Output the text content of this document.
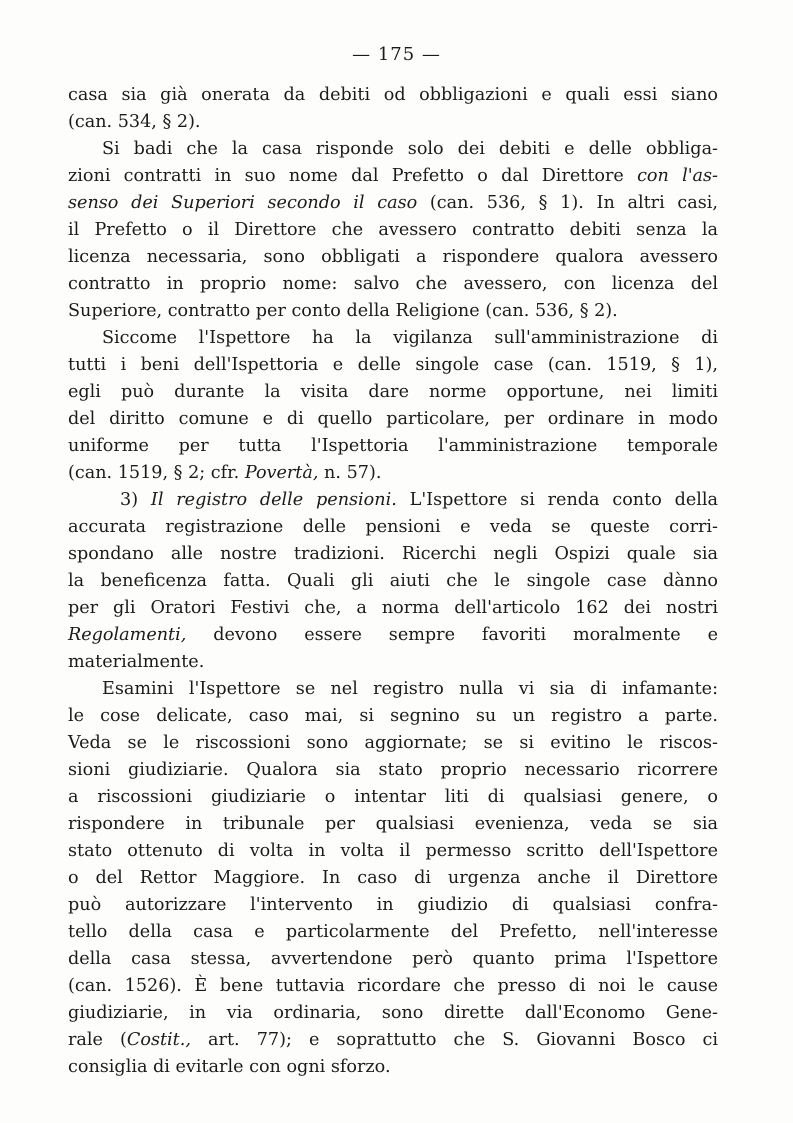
— 175 —
casa sia già onerata da debiti od obbligazioni e quali essi siano
(can. 534, § 2).
Si badi che la casa risponde solo dei debiti e delle obbliga-
zioni contratti in suo nome dal Prefetto o dal Direttore con l'as-
senso dei Superiori secondo il caso (can. 536, § 1). In altri casi,
il Prefetto o il Direttore che avessero contratto debiti senza la
licenza necessaria, sono obbligati a rispondere qualora avessero
contratto in proprio nome: salvo che avessero, con licenza del
Superiore, contratto per conto della Religione (can. 536, § 2).
Siccome l'Ispettore ha la vigilanza sull'amministrazione di
tutti i beni dell'Ispettoria e delle singole case (can. 1519, § 1),
egli può durante la visita dare norme opportune, nei limiti
del diritto comune e di quello particolare, per ordinare in modo
uniforme per tutta l'Ispettoria l'amministrazione temporale
(can. 1519, § 2; cfr. Povertà, n. 57).
3) Il registro delle pensioni. L'Ispettore si renda conto della
accurata registrazione delle pensioni e veda se queste corri-
spondano alle nostre tradizioni. Ricerchi negli Ospizi quale sia
la beneficenza fatta. Quali gli aiuti che le singole case dànno
per gli Oratori Festivi che, a norma dell'articolo 162 dei nostri
Regolamenti, devono essere sempre favoriti moralmente e
materialmente.
Esamini l'Ispettore se nel registro nulla vi sia di infamante:
le cose delicate, caso mai, si segnino su un registro a parte.
Veda se le riscossioni sono aggiornate; se si evitino le riscos-
sioni giudiziarie. Qualora sia stato proprio necessario ricorrere
a riscossioni giudiziarie o intentar liti di qualsiasi genere, o
rispondere in tribunale per qualsiasi evenienza, veda se sia
stato ottenuto di volta in volta il permesso scritto dell'Ispettore
o del Rettor Maggiore. In caso di urgenza anche il Direttore
può autorizzare l'intervento in giudizio di qualsiasi confra-
tello della casa e particolarmente del Prefetto, nell'interesse
della casa stessa, avvertendone però quanto prima l'Ispettore
(can. 1526). È bene tuttavia ricordare che presso di noi le cause
giudiziarie, in via ordinaria, sono dirette dall'Economo Gene-
rale (Costit., art. 77); e soprattutto che S. Giovanni Bosco ci
consiglia di evitarle con ogni sforzo.
